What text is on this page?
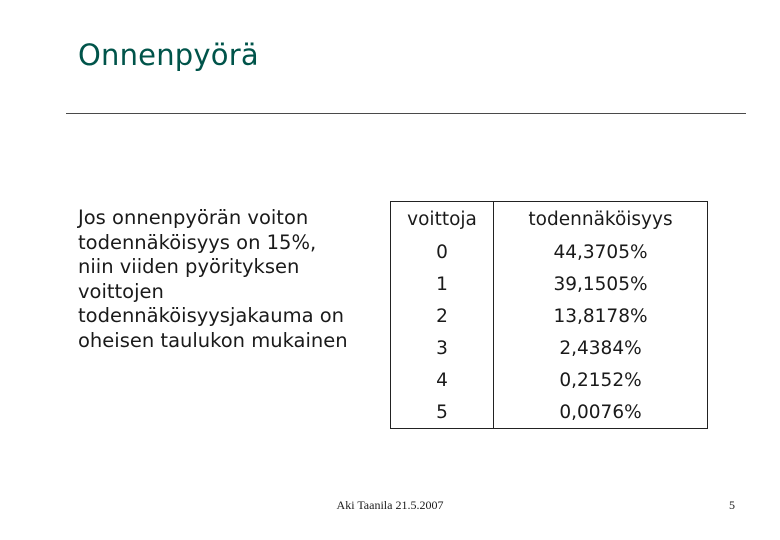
Onnenpyörä
Jos onnenpyörän voiton
todennäköisyys on 15%,
niin viiden pyörityksen
voittojen
todennäköisyysjakauma on
oheisen taulukon mukainen
voittoja	todennäköisyys
0	44,3705%
1	39,1505%
2	13,8178%
3	2,4384%
4	0,2152%
5	0,0076%
Aki Taanila 21.5.2007	5
